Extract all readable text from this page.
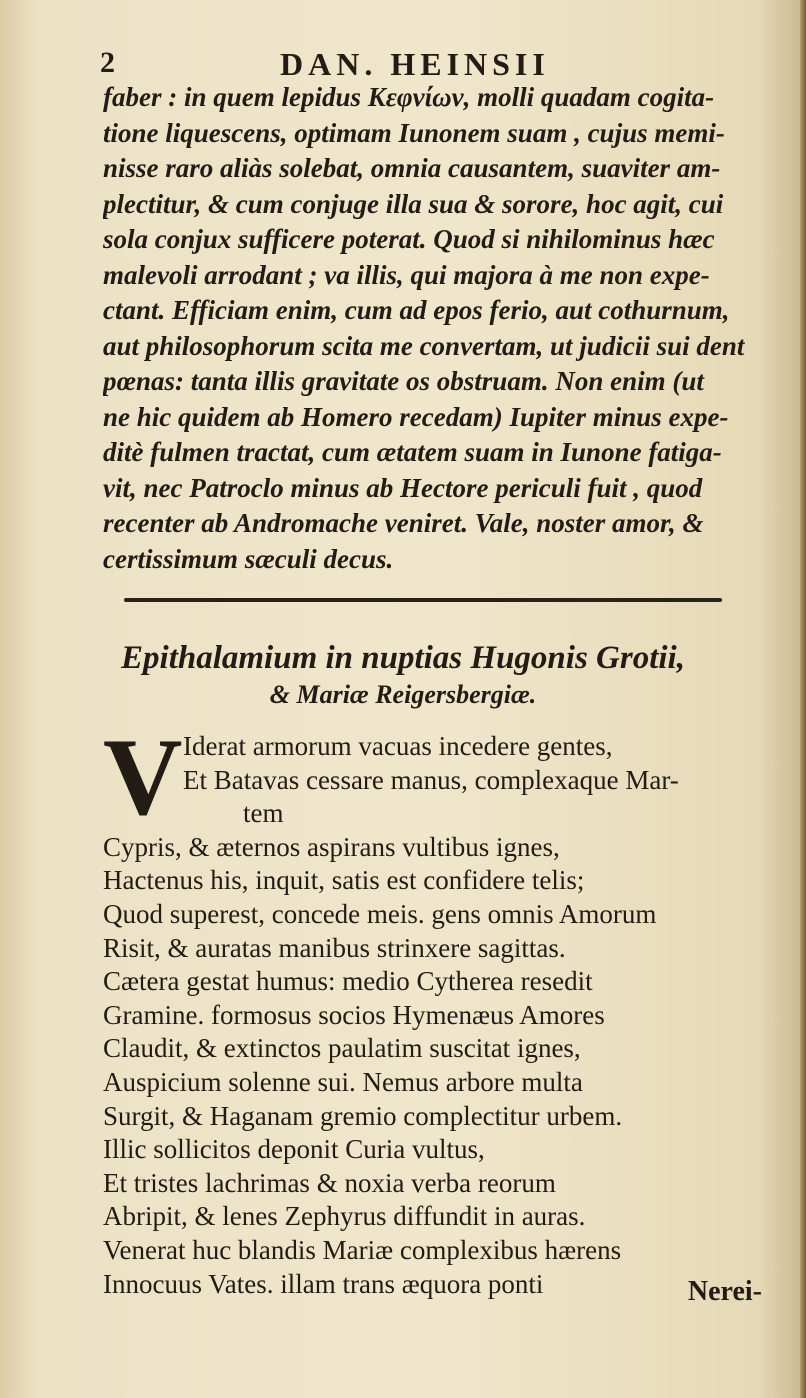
2	DAN. HEINSII
faber : in quem lepidus Κεφνίων, molli quadam cogita-
tione liquescens, optimam Iunonem suam , cujus memi-
nisse raro aliàs solebat, omnia causantem, suaviter am-
plectitur, & cum conjuge illa sua & sorore, hoc agit, cui
sola conjux sufficere poterat. Quod si nihilominus hæc
malevoli arrodant ; va illis, qui majora à me non expe-
ctant. Efficiam enim, cum ad epos ferio, aut cothurnum,
aut philosophorum scita me convertam, ut judicii sui dent
pœnas: tanta illis gravitate os obstruam. Non enim (ut
ne hic quidem ab Homero recedam) Iupiter minus expe-
ditè fulmen tractat, cum ætatem suam in Iunone fatiga-
vit, nec Patroclo minus ab Hectore periculi fuit , quod
recenter ab Andromache veniret. Vale, noster amor, &
certissimum sæculi decus.
Epithalamium in nuptias Hugonis Grotii,
& Mariæ Reigersbergiæ.
V Iderat armorum vacuas incedere gentes,
Et Batavas cessare manus, complexaque Mar-
tem
Cypris, & æternos aspirans vultibus ignes,
Hactenus his, inquit, satis est confidere telis;
Quod superest, concede meis. gens omnis Amorum
Risit, & auratas manibus strinxere sagittas.
Cætera gestat humus: medio Cytherea resedit
Gramine. formosus socios Hymenæus Amores
Claudit, & extinctos paulatim suscitat ignes,
Auspicium solenne sui. Nemus arbore multa
Surgit, & Haganam gremio complectitur urbem.
Illic sollicitos deponit Curia vultus,
Et tristes lachrimas & noxia verba reorum
Abripit, & lenes Zephyrus diffundit in auras.
Venerat huc blandis Mariæ complexibus hærens
Innocuus Vates. illam trans æquora ponti	Nerei-
